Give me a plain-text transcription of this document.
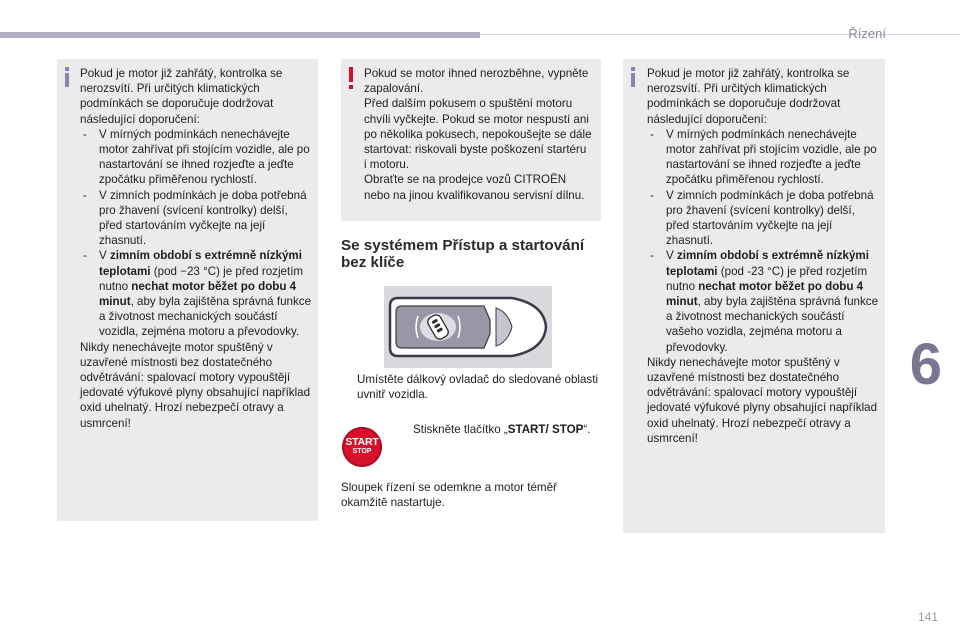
Řízení
6
141

Pokud je motor již zahřátý, kontrolka se nerozsvítí. Při určitých klimatických podmínkách se doporučuje dodržovat následující doporučení:

- V mírných podmínkách nenechávejte motor zahřívat při stojícím vozidle, ale po nastartování se ihned rozjeďte a jeďte zpočátku přiměřenou rychlostí.
- V zimních podmínkách je doba potřebná pro žhavení (svícení kontrolky) delší, před startováním vyčkejte na její zhasnutí.
- V zimním období s extrémně nízkými teplotami (pod −23 °C) je před rozjetím nutno nechat motor běžet po dobu 4 minut, aby byla zajištěna správná funkce a životnost mechanických součástí vozidla, zejména motoru a převodovky.

Nikdy nenechávejte motor spuštěný v uzavřené místnosti bez dostatečného odvětrávání: spalovací motory vypouštějí jedovaté výfukové plyny obsahující například oxid uhelnatý. Hrozí nebezpečí otravy a usmrcení!

Pokud se motor ihned nerozběhne, vypněte zapalování.

Před dalším pokusem o spuštění motoru chvíli vyčkejte. Pokud se motor nespustí ani po několika pokusech, nepokoušejte se dále startovat: riskovali byste poškození startéru i motoru.

Obraťte se na prodejce vozů CITROËN nebo na jinou kvalifikovanou servisní dílnu.

Se systémem Přístup a startování bez klíče
Umístěte dálkový ovladač do sledované oblasti uvnitř vozidla.
START
STOP
Stiskněte tlačítko „START/ STOP“.
Sloupek řízení se odemkne a motor téměř okamžitě nastartuje.

Pokud je motor již zahřátý, kontrolka se nerozsvítí. Při určitých klimatických podmínkách se doporučuje dodržovat následující doporučení:

- V mírných podmínkách nenechávejte motor zahřívat při stojícím vozidle, ale po nastartování se ihned rozjeďte a jeďte zpočátku přiměřenou rychlostí.
- V zimních podmínkách je doba potřebná pro žhavení (svícení kontrolky) delší, před startováním vyčkejte na její zhasnutí.
- V zimním období s extrémně nízkými teplotami (pod -23 °C) je před rozjetím nutno nechat motor běžet po dobu 4 minut, aby byla zajištěna správná funkce a životnost mechanických součástí vašeho vozidla, zejména motoru a převodovky.

Nikdy nenechávejte motor spuštěný v uzavřené místnosti bez dostatečného odvětrávání: spalovací motory vypouštějí jedovaté výfukové plyny obsahující například oxid uhelnatý. Hrozí nebezpečí otravy a usmrcení!
